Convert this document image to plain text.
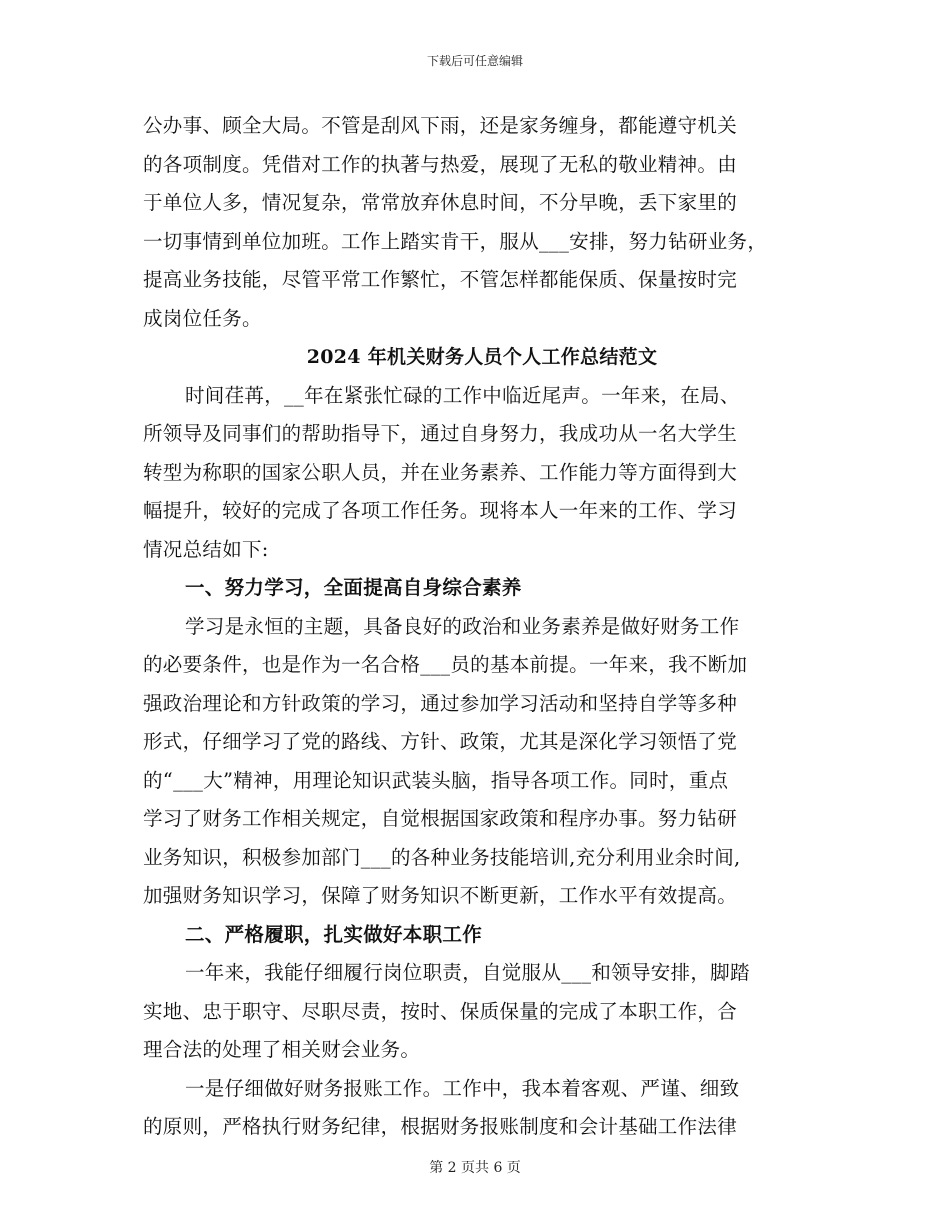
下载后可任意编辑
公办事、顾全大局。不管是刮风下雨，还是家务缠身，都能遵守机关
的各项制度。凭借对工作的执著与热爱，展现了无私的敬业精神。由
于单位人多，情况复杂，常常放弃休息时间，不分早晚，丢下家里的
一切事情到单位加班。工作上踏实肯干，服从___安排，努力钻研业务，
提高业务技能，尽管平常工作繁忙，不管怎样都能保质、保量按时完
成岗位任务。
2024 年机关财务人员个人工作总结范文
时间荏苒，__年在紧张忙碌的工作中临近尾声。一年来，在局、
所领导及同事们的帮助指导下，通过自身努力，我成功从一名大学生
转型为称职的国家公职人员，并在业务素养、工作能力等方面得到大
幅提升，较好的完成了各项工作任务。现将本人一年来的工作、学习
情况总结如下:
一、努力学习，全面提高自身综合素养
学习是永恒的主题，具备良好的政治和业务素养是做好财务工作
的必要条件，也是作为一名合格___员的基本前提。一年来，我不断加
强政治理论和方针政策的学习，通过参加学习活动和坚持自学等多种
形式，仔细学习了党的路线、方针、政策，尤其是深化学习领悟了党
的“___大”精神，用理论知识武装头脑，指导各项工作。同时，重点
学习了财务工作相关规定，自觉根据国家政策和程序办事。努力钻研
业务知识，积极参加部门___的各种业务技能培训,充分利用业余时间,
加强财务知识学习，保障了财务知识不断更新，工作水平有效提高。
二、严格履职，扎实做好本职工作
一年来，我能仔细履行岗位职责，自觉服从___和领导安排，脚踏
实地、忠于职守、尽职尽责，按时、保质保量的完成了本职工作，合
理合法的处理了相关财会业务。
一是仔细做好财务报账工作。工作中，我本着客观、严谨、细致
的原则，严格执行财务纪律，根据财务报账制度和会计基础工作法律
第 2 页共 6 页
